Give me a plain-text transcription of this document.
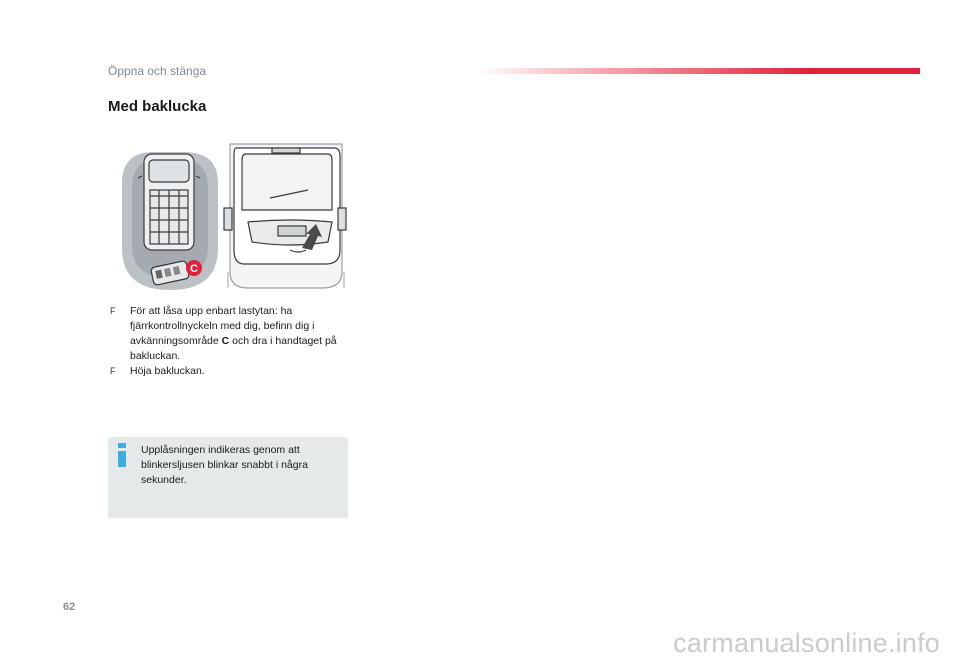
Öppna och stänga
Med baklucka
C
F För att låsa upp enbart lastytan: ha fjärrkontrollnyckeln med dig, befinn dig i avkänningsområde C och dra i handtaget på bakluckan.
F Höja bakluckan.
Upplåsningen indikeras genom att blinkersljusen blinkar snabbt i några sekunder.
62
carmanualsonline.info
